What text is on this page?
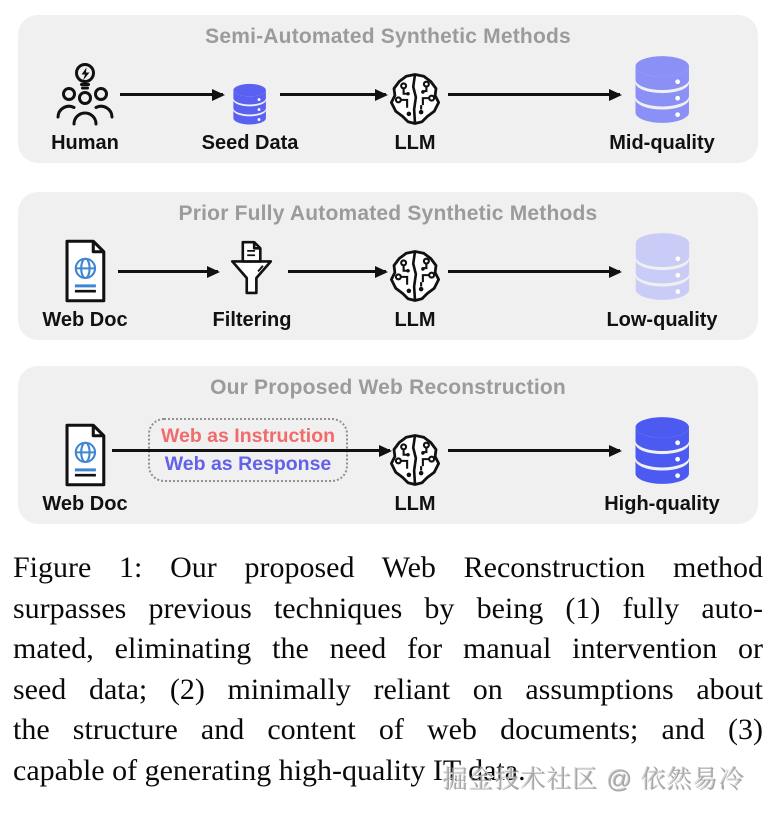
Semi-Automated Synthetic Methods
Human	Seed Data	LLM	Mid-quality
Prior Fully Automated Synthetic Methods
Web Doc	Filtering	LLM	Low-quality
Our Proposed Web Reconstruction
Web Doc
Web as Instruction
Web as Response
LLM	High-quality
Figure 1: Our proposed Web Reconstruction method
surpasses previous techniques by being (1) fully auto-
mated, eliminating the need for manual intervention or
seed data; (2) minimally reliant on assumptions about
the structure and content of web documents; and (3)
capable of generating high-quality IT data.
掘金技术社区 @ 依然易冷
